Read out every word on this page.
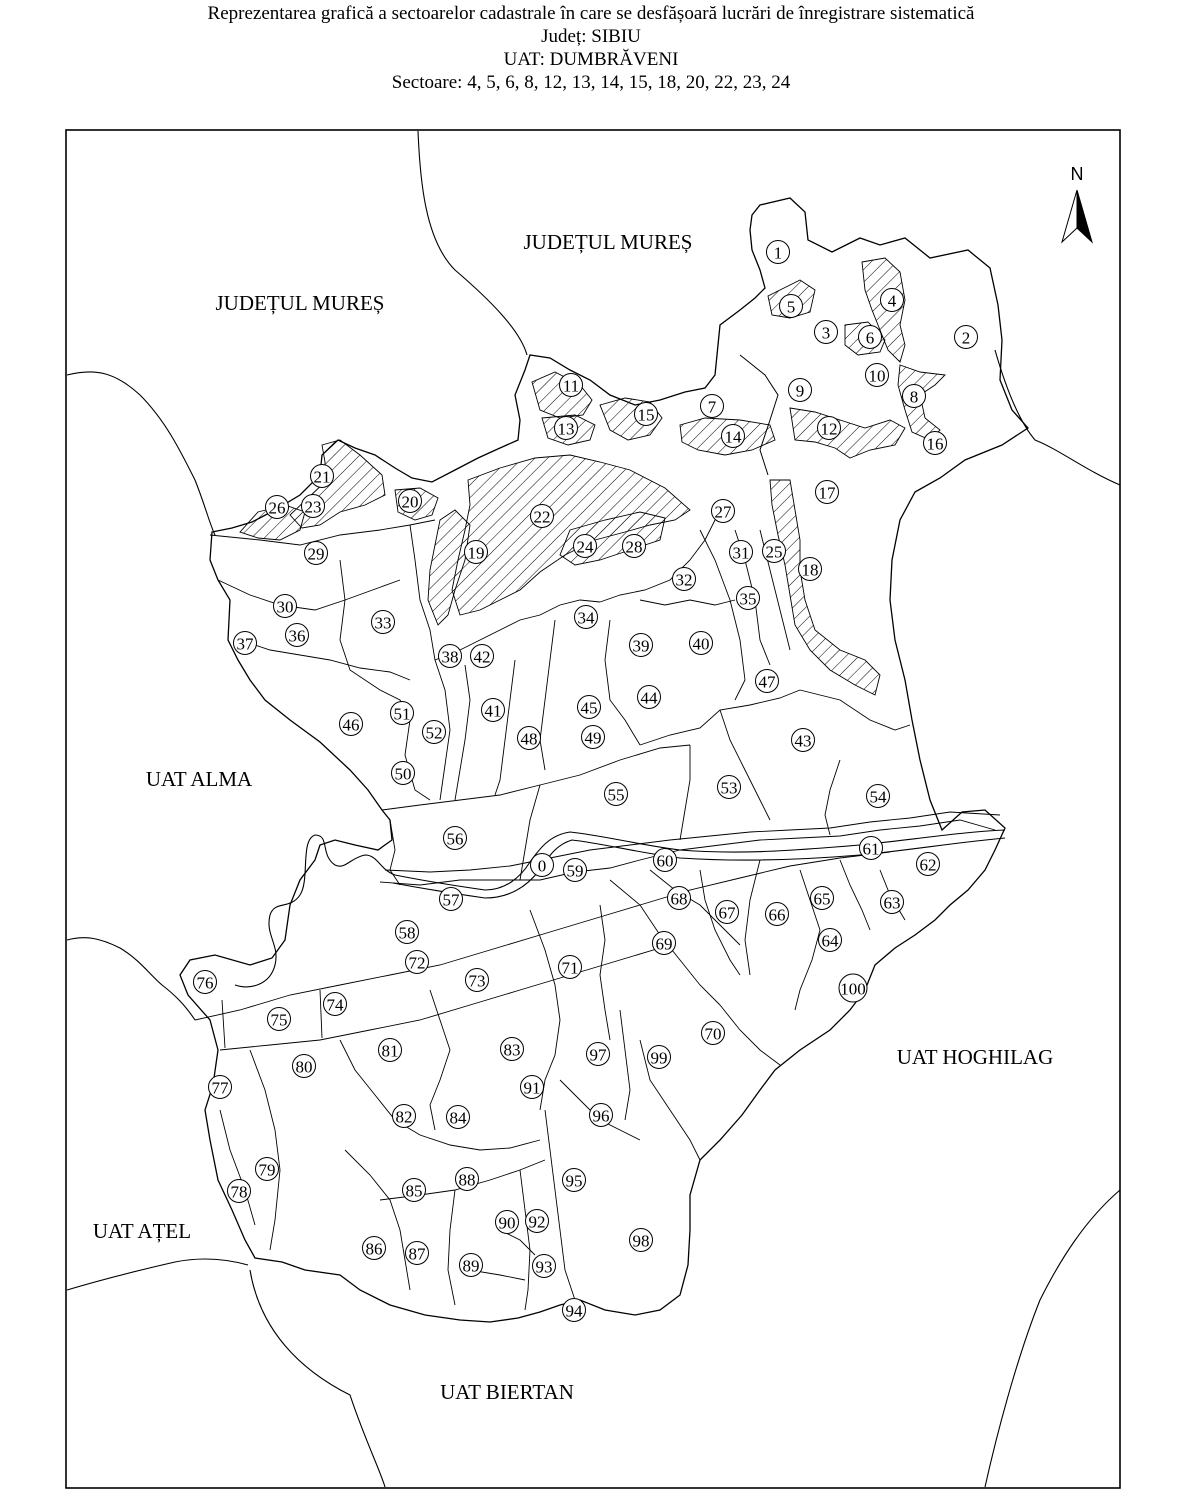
Reprezentarea grafică a sectoarelor cadastrale în care se desfășoară lucrări de înregistrare sistematică
Județ: SIBIU
UAT: DUMBRĂVENI
Sectoare: 4, 5, 6, 8, 12, 13, 14, 15, 18, 20, 22, 23, 24
N
JUDEȚUL MUREȘ
JUDEȚUL MUREȘ
UAT ALMA
UAT HOGHILAG
UAT AȚEL
UAT BIERTAN
0
1
2
3
4
5
6
7
8
9
10
11
12
13	14
15
16
17
18
19
20
21
22
23
24	25
26	27
28
29
30
31
32
33	34
35
36
37
38
39	40
41
42
43
44
45
46
47
48	49
50
51
52
53	54
55
56
57
58
59
60
61
62
63
64
65
66
67
68
69
70
71
72
73
74
75
76
77
78
79
80
81
82
83
84
85
86 87
88
89
90
91
92
93
94
95
96
97
98
99
100
